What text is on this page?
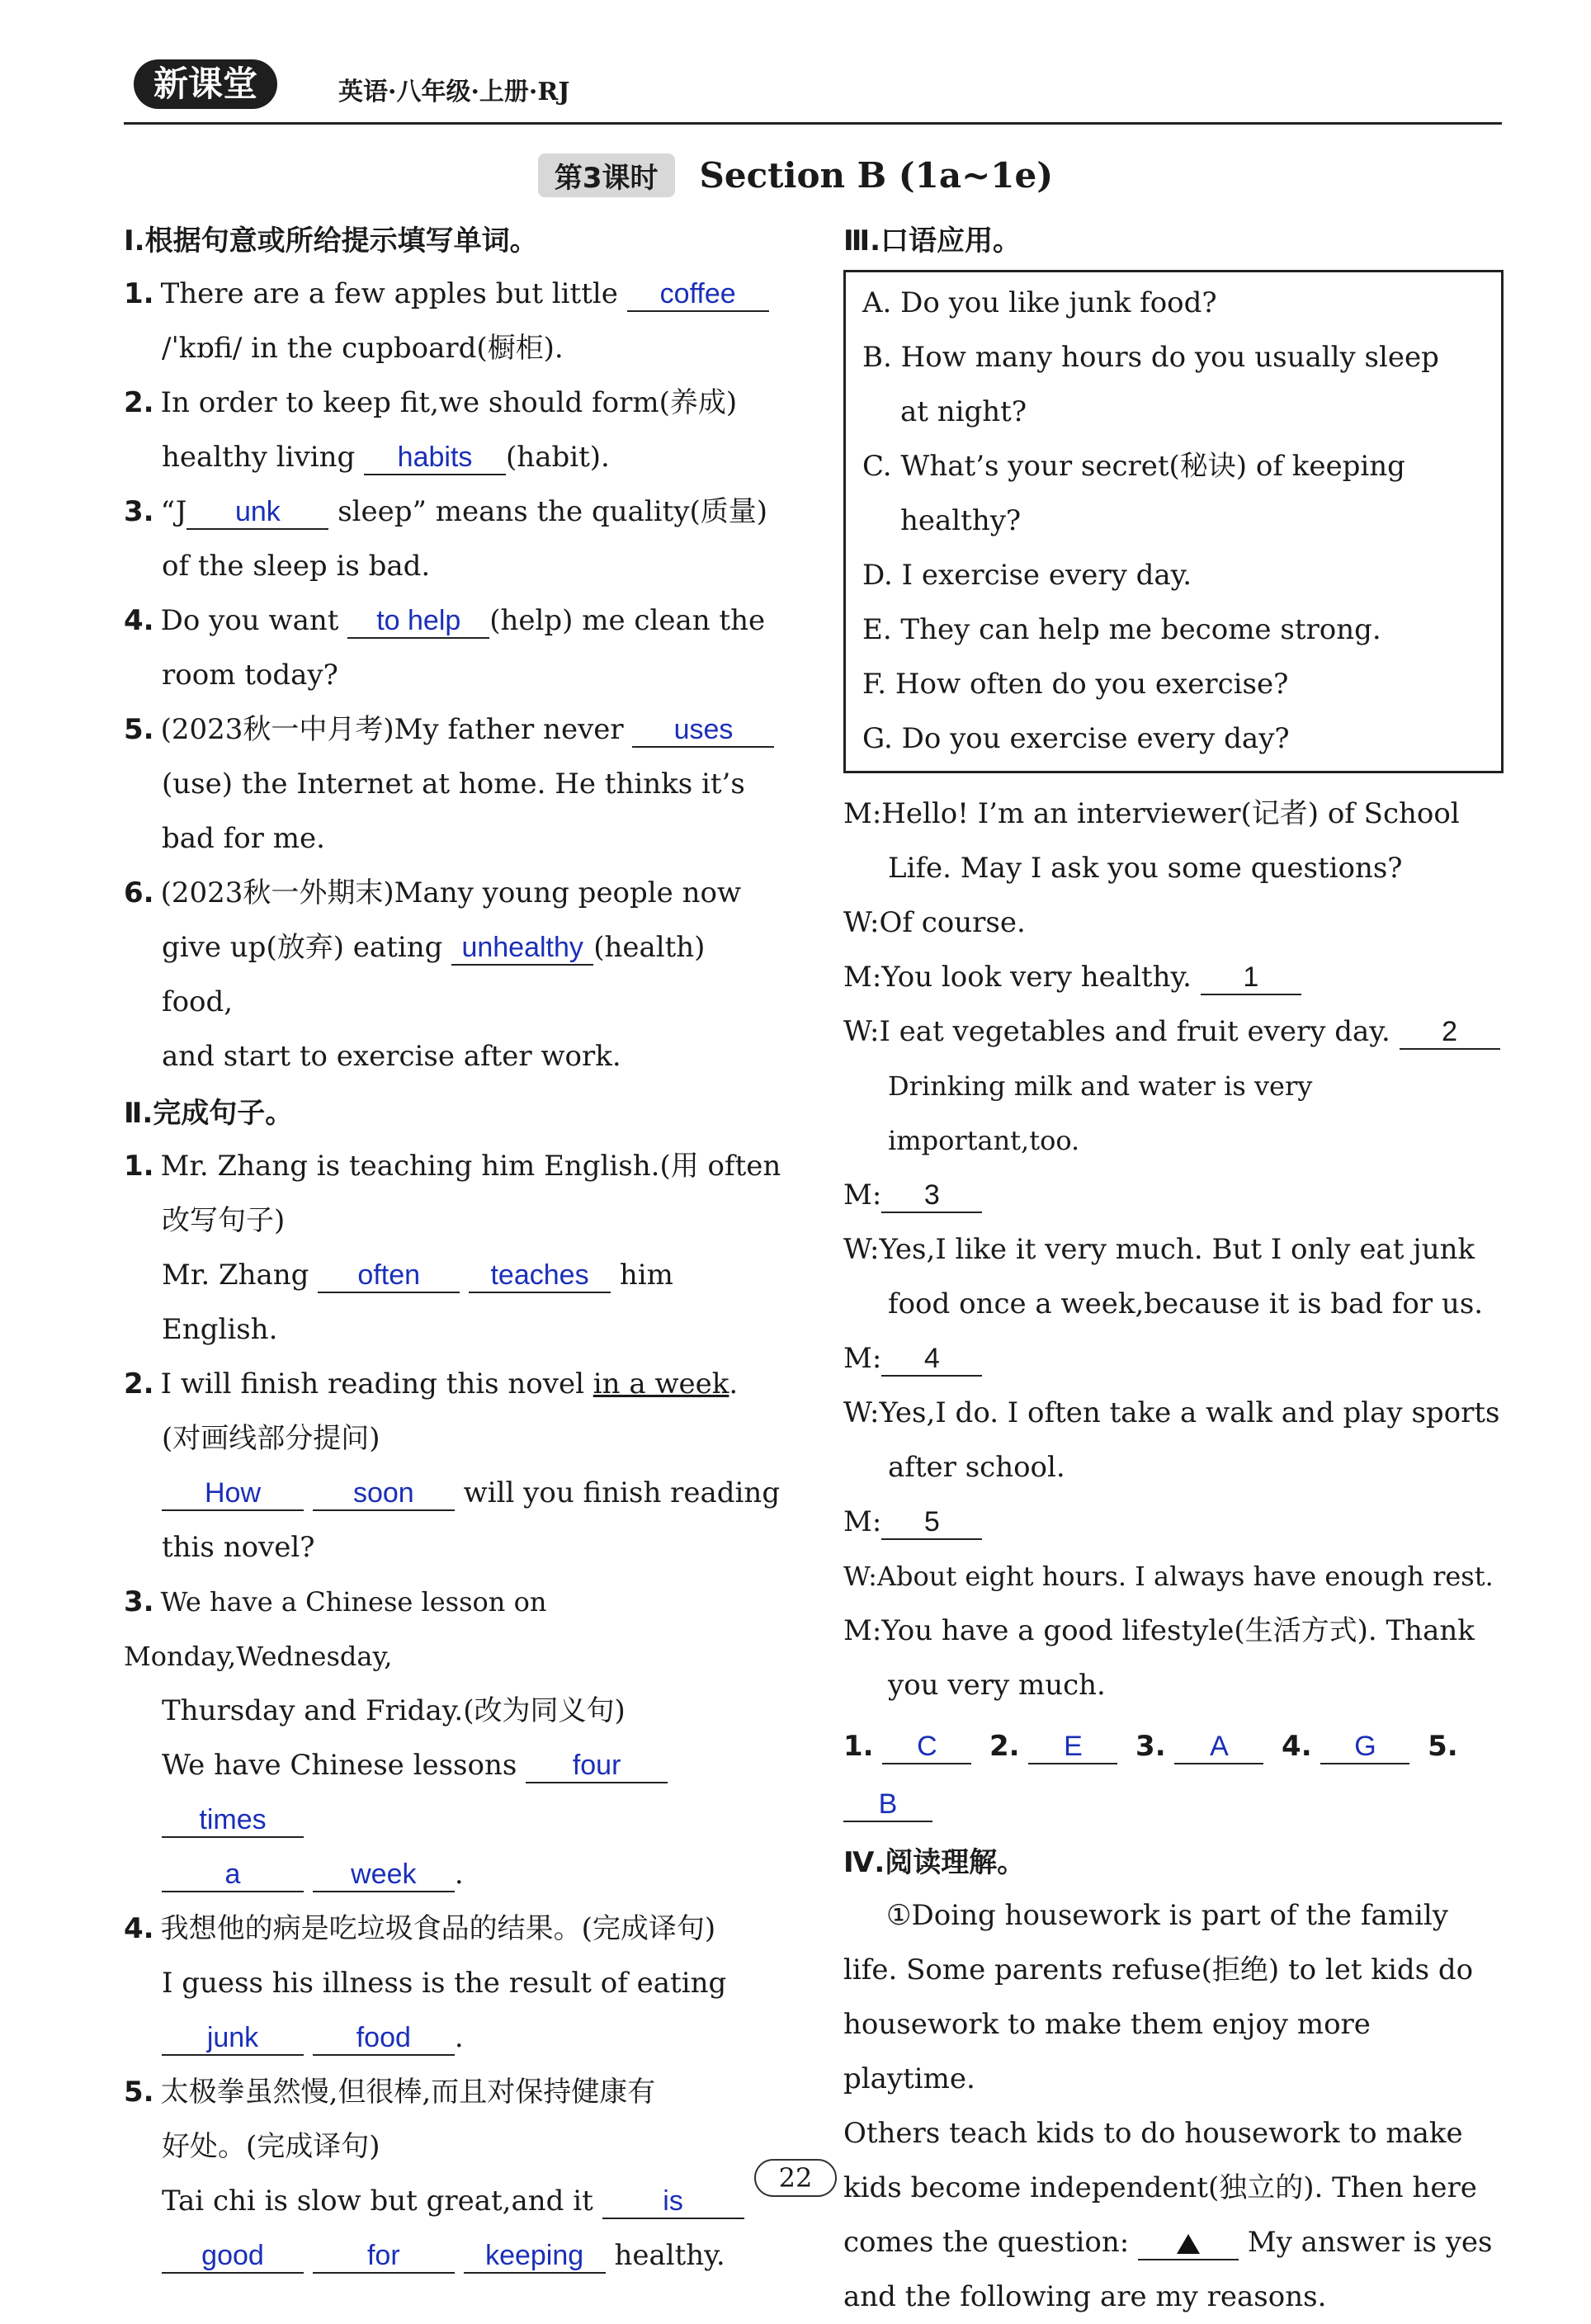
新课堂	英语·八年级·上册·RJ
第3课时 Section B (1a~1e)
Ⅰ.根据句意或所给提示填写单词。

1. There are a few apples but little coffee

/ˈkɒfi/ in the cupboard(橱柜).

2. In order to keep fit,we should form(养成)

healthy living habits (habit).

3. “J unk sleep” means the quality(质量)

of the sleep is bad.

4. Do you want to help (help) me clean the

room today?

5. (2023秋一中月考)My father never uses

(use) the Internet at home. He thinks it’s

bad for me.

6. (2023秋一外期末)Many young people now

give up(放弃) eating unhealthy (health) food,

and start to exercise after work.

Ⅱ.完成句子。

1. Mr. Zhang is teaching him English.(用 often

改写句子)

Mr. Zhang often	teaches him English.

2. I will finish reading this novel in a week.

(对画线部分提问)

How	soon will you finish reading

this novel?

3. We have a Chinese lesson on Monday,Wednesday,

Thursday and Friday.(改为同义句)

We have Chinese lessons four times

a	week .

4. 我想他的病是吃垃圾食品的结果。(完成译句)

I guess his illness is the result of eating

junk	food .

5. 太极拳虽然慢,但很棒,而且对保持健康有

好处。(完成译句)

Tai chi is slow but great,and it is

good	for	keeping healthy.

Ⅲ.口语应用。

A. Do you like junk food?

B. How many hours do you usually sleep

at night?

C. What’s your secret(秘诀) of keeping

healthy?

D. I exercise every day.

E. They can help me become strong.

F. How often do you exercise?

G. Do you exercise every day?

M:Hello! I’m an interviewer(记者) of School

Life. May I ask you some questions?

W:Of course.

M:You look very healthy. 1

W:I eat vegetables and fruit every day. 2

Drinking milk and water is very important,too.

M: 3

W:Yes,I like it very much. But I only eat junk

food once a week,because it is bad for us.

M: 4

W:Yes,I do. I often take a walk and play sports

after school.

M: 5

W:About eight hours. I always have enough rest.

M:You have a good lifestyle(生活方式). Thank

you very much.

1. C 2. E 3. A 4. G 5. B
Ⅳ.阅读理解。

①Doing housework is part of the family

life. Some parents refuse(拒绝) to let kids do

housework to make them enjoy more playtime.

Others teach kids to do housework to make

kids become independent(独立的). Then here

comes the question:	My answer is yes

and the following are my reasons.

22
